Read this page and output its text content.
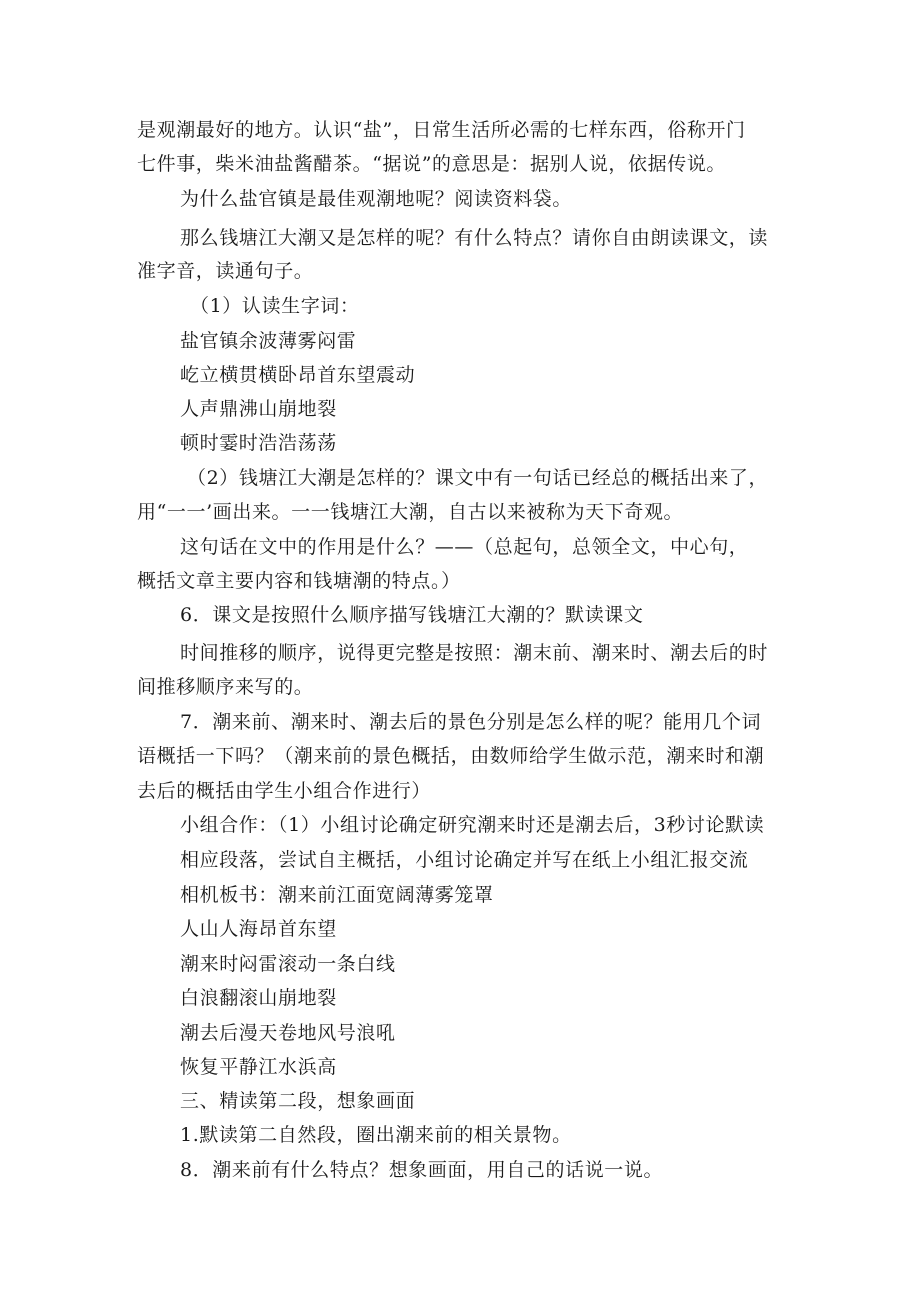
是观潮最好的地方。认识“盐”，日常生活所必需的七样东西，俗称开门
七件事，柴米油盐酱醋茶。“据说”的意思是：据别人说，依据传说。
为什么盐官镇是最佳观潮地呢？阅读资料袋。
那么钱塘江大潮又是怎样的呢？有什么特点？请你自由朗读课文，读
准字音，读通句子。
（1）认读生字词：
盐官镇余波薄雾闷雷
屹立横贯横卧昂首东望震动
人声鼎沸山崩地裂
顿时霎时浩浩荡荡
（2）钱塘江大潮是怎样的？课文中有一句话已经总的概括出来了，
用“一一’画出来。一一钱塘江大潮，自古以来被称为天下奇观。
这句话在文中的作用是什么？——（总起句，总领全文，中心句，
概括文章主要内容和钱塘潮的特点。）
6．课文是按照什么顺序描写钱塘江大潮的？默读课文
时间推移的顺序，说得更完整是按照：潮末前、潮来时、潮去后的时
间推移顺序来写的。
7．潮来前、潮来时、潮去后的景色分别是怎么样的呢？能用几个词
语概括一下吗？（潮来前的景色概括，由数师给学生做示范，潮来时和潮
去后的概括由学生小组合作进行）
小组合作：（1）小组讨论确定研究潮来时还是潮去后，3秒讨论默读
相应段落，尝试自主概括，小组讨论确定并写在纸上小组汇报交流
相机板书：潮来前江面宽阔薄雾笼罩
人山人海昂首东望
潮来时闷雷滚动一条白线
白浪翻滚山崩地裂
潮去后漫天卷地风号浪吼
恢复平静江水浜高
三、精读第二段，想象画面
1.默读第二自然段，圈出潮来前的相关景物。
8．潮来前有什么特点？想象画面，用自己的话说一说。
